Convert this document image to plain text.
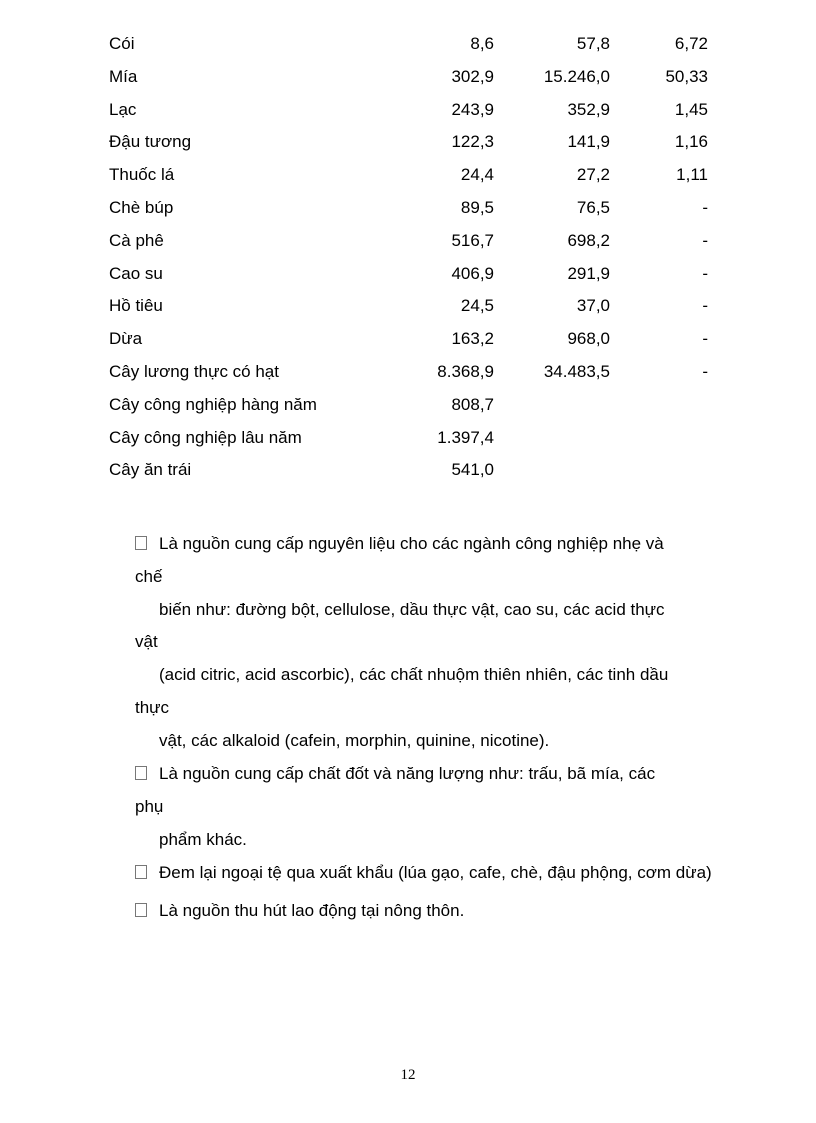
Cói	8,6	57,8	6,72
Mía	302,9	15.246,0	50,33
Lạc	243,9	352,9	1,45
Đậu tương	122,3	141,9	1,16
Thuốc lá	24,4	27,2	1,11
Chè búp	89,5	76,5	-
Cà phê	516,7	698,2	-
Cao su	406,9	291,9	-
Hồ tiêu	24,5	37,0	-
Dừa	163,2	968,0	-
Cây lương thực có hạt	8.368,9	34.483,5	-
Cây công nghiệp hàng năm	808,7
Cây công nghiệp lâu năm	1.397,4
Cây ăn trái	541,0
Là nguồn cung cấp nguyên liệu cho các ngành công nghiệp nhẹ và
chế
biến như: đường bột, cellulose, dầu thực vật, cao su, các acid thực
vật
(acid citric, acid ascorbic), các chất nhuộm thiên nhiên, các tinh dầu
thực
vật, các alkaloid (cafein, morphin, quinine, nicotine).
Là nguồn cung cấp chất đốt và năng lượng như: trấu, bã mía, các
phụ
phẩm khác.
Đem lại ngoại tệ qua xuất khẩu (lúa gạo, cafe, chè, đậu phộng, cơm dừa)
Là nguồn thu hút lao động tại nông thôn.
12
